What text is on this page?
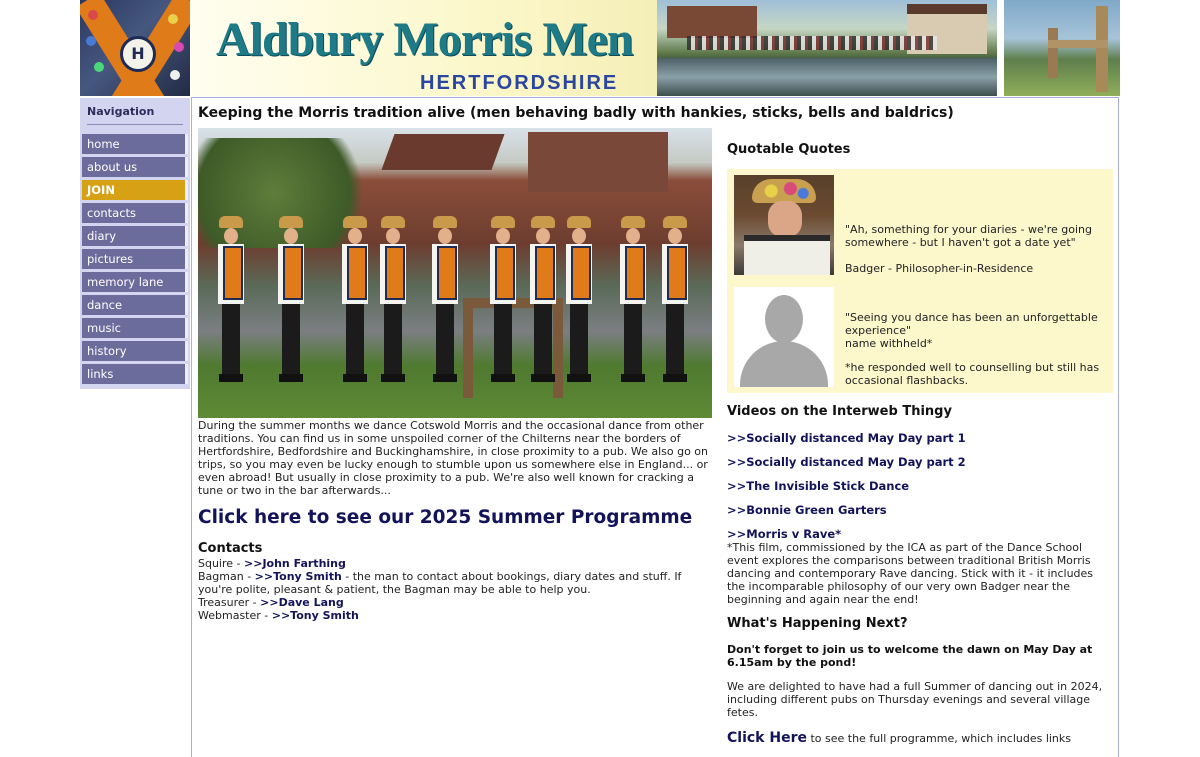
H Aldbury Morris Men
HERTFORDSHIRE
Navigation
home
about us
JOIN
contacts
diary
pictures
memory lane
dance
music
history
links
Keeping the Morris tradition alive (men behaving badly with hankies, sticks, bells and baldrics)

During the summer months we dance Cotswold Morris and the occasional dance from other traditions. You can find us in some unspoiled corner of the Chilterns near the borders of Hertfordshire, Bedfordshire and Buckinghamshire, in close proximity to a pub. We also go on trips, so you may even be lucky enough to stumble upon us somewhere else in England... or even abroad! But usually in close proximity to a pub. We're also well known for cracking a tune or two in the bar afterwards...

Click here to see our 2025 Summer Programme
Contacts
Squire - >>John Farthing
Bagman - >>Tony Smith - the man to contact about bookings, diary dates and stuff. If you're polite, pleasant & patient, the Bagman may be able to help you.
Treasurer - >>Dave Lang
Webmaster - >>Tony Smith
Quotable Quotes

"Ah, something for your diaries - we're going somewhere - but I haven't got a date yet"

Badger - Philosopher-in-Residence

"Seeing you dance has been an unforgettable experience"

name withheld*

*he responded well to counselling but still has occasional flashbacks.

Videos on the Interweb Thingy
>>Socially distanced May Day part 1
>>Socially distanced May Day part 2
>>The Invisible Stick Dance
>>Bonnie Green Garters
>>Morris v Rave*

*This film, commissioned by the ICA as part of the Dance School event explores the comparisons between traditional British Morris dancing and contemporary Rave dancing. Stick with it - it includes the incomparable philosophy of our very own Badger near the beginning and again near the end!

What's Happening Next?

Don't forget to join us to welcome the dawn on May Day at 6.15am by the pond!

We are delighted to have had a full Summer of dancing out in 2024, including different pubs on Thursday evenings and several village fetes.

Click Here to see the full programme, which includes links
